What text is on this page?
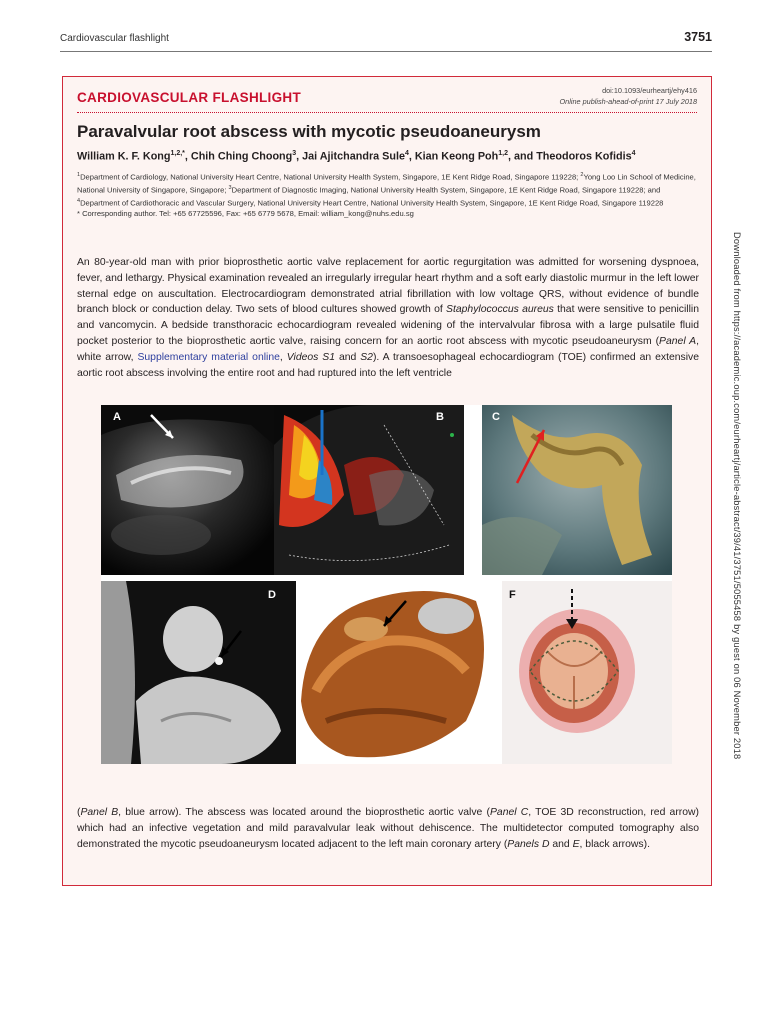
Cardiovascular flashlight	3751
CARDIOVASCULAR FLASHLIGHT	doi:10.1093/eurheartj/ehy416
Online publish-ahead-of-print 17 July 2018
Paravalvular root abscess with mycotic pseudoaneurysm
William K. F. Kong$^{1,2,*}$, Chih Ching Choong$^3$, Jai Ajitchandra Sule$^4$, Kian Keong Poh$^{1,2}$, and Theodoros Kofidis$^4$
$^1$Department of Cardiology, National University Heart Centre, National University Health System, Singapore, 1E Kent Ridge Road, Singapore 119228; $^2$Yong Loo Lin School of Medicine, National University of Singapore, Singapore; $^3$Department of Diagnostic Imaging, National University Health System, Singapore, 1E Kent Ridge Road, Singapore 119228; and $^4$Department of Cardiothoracic and Vascular Surgery, National University Heart Centre, National University Health System, Singapore, 1E Kent Ridge Road, Singapore 119228
* Corresponding author. Tel: +65 67725596, Fax: +65 6779 5678, Email: william_kong@nuhs.edu.sg
An 80-year-old man with prior bioprosthetic aortic valve replacement for aortic regurgitation was admitted for worsening dyspnoea, fever, and lethargy. Physical examination revealed an irregularly irregular heart rhythm and a soft early diastolic murmur in the left lower sternal edge on auscultation. Electrocardiogram demonstrated atrial fibrillation with low voltage QRS, without evidence of bundle branch block or conduction delay. Two sets of blood cultures showed growth of Staphylococcus aureus that were sensitive to penicillin and vancomycin. A bedside transthoracic echocardiogram revealed widening of the intervalvular fibrosa with a large pulsatile fluid pocket posterior to the bioprosthetic aortic valve, raising concern for an aortic root abscess with mycotic pseudoaneurysm (Panel A, white arrow, Supplementary material online, Videos S1 and S2). A transoesophageal echocardiogram (TOE) confirmed an extensive aortic root abscess involving the entire root and had ruptured into the left ventricle
A	B	C
D E	F
(Panel B, blue arrow). The abscess was located around the bioprosthetic aortic valve (Panel C, TOE 3D reconstruction, red arrow) which had an infective vegetation and mild paravalvular leak without dehiscence. The multidetector computed tomography also demonstrated the mycotic pseudoaneurysm located adjacent to the left main coronary artery (Panels D and E, black arrows).
Downloaded from https://academic.oup.com/eurheartj/article-abstract/39/41/3751/5055458 by guest on 06 November 2018
